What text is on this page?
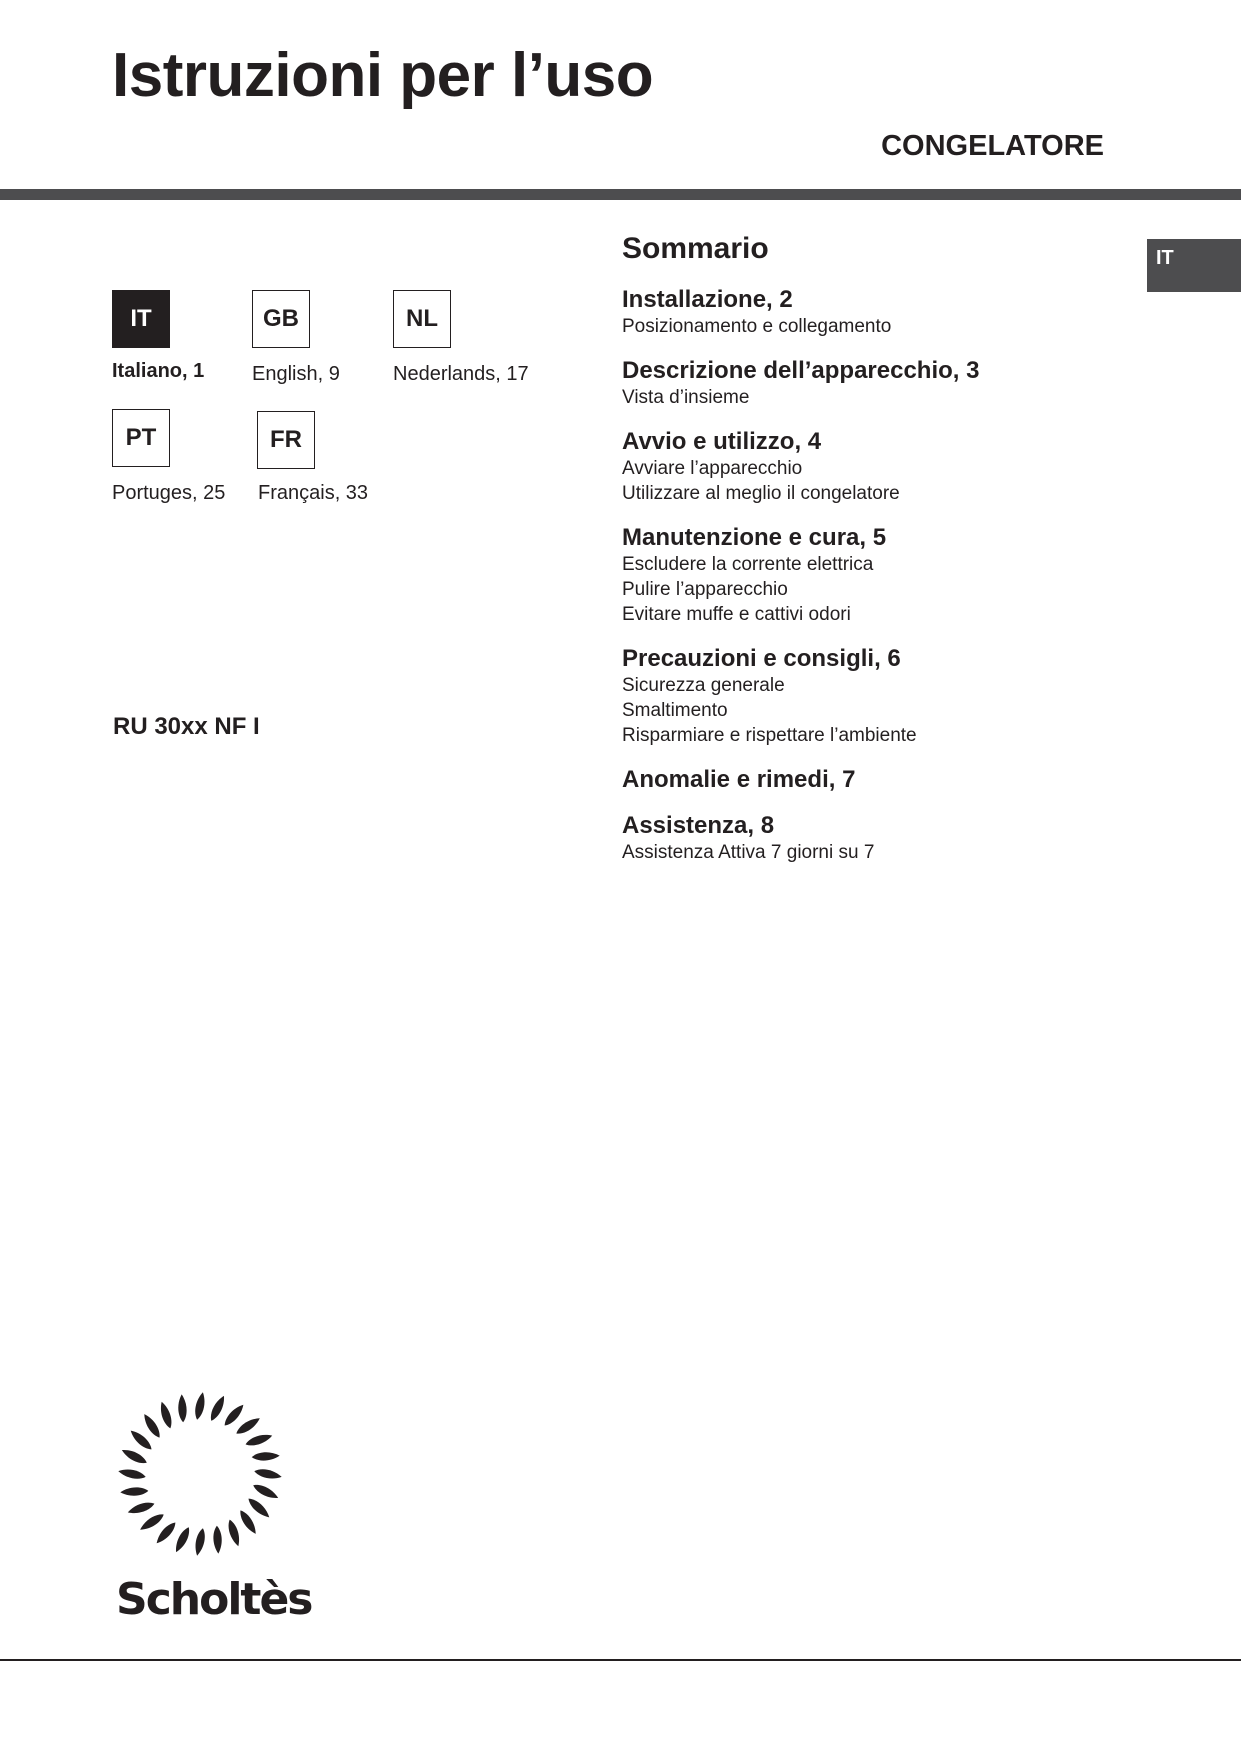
Istruzioni per l’uso
CONGELATORE
IT
IT
Italiano, 1
GB
English, 9
NL
Nederlands, 17
PT
Portuges, 25
FR
Français, 33
RU 30xx NF I
Sommario
Installazione, 2
Posizionamento e collegamento
Descrizione dell’apparecchio, 3
Vista d’insieme
Avvio e utilizzo, 4
Avviare l’apparecchio
Utilizzare al meglio il congelatore
Manutenzione e cura, 5
Escludere la corrente elettrica
Pulire l’apparecchio
Evitare muffe e cattivi odori
Precauzioni e consigli, 6
Sicurezza generale
Smaltimento
Risparmiare e rispettare l’ambiente
Anomalie e rimedi, 7
Assistenza, 8
Assistenza Attiva 7 giorni su 7
Scholtès
